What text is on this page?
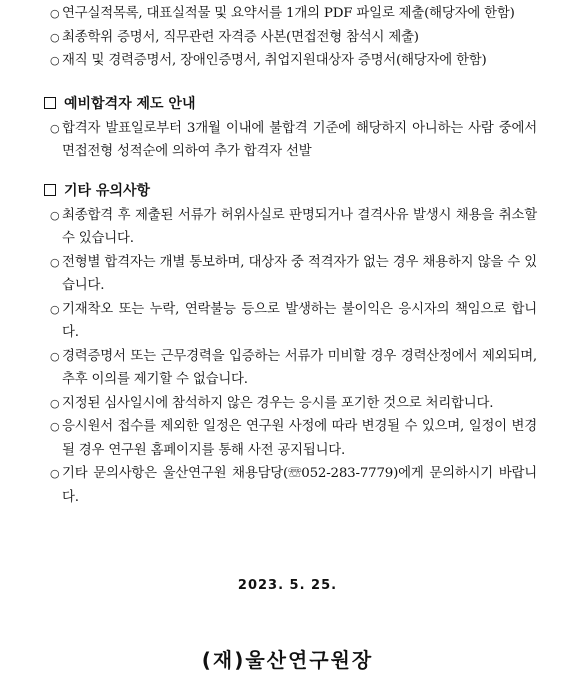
○ 연구실적목록, 대표실적물 및 요약서를 1개의 PDF 파일로 제출(해당자에 한함)
○ 최종학위 증명서, 직무관련 자격증 사본(면접전형 참석시 제출)
○ 재직 및 경력증명서, 장애인증명서, 취업지원대상자 증명서(해당자에 한함)
예비합격자 제도 안내
○ 합격자 발표일로부터 3개월 이내에 불합격 기준에 해당하지 아니하는 사람 중에서 면접전형 성적순에 의하여 추가 합격자 선발
기타 유의사항
○ 최종합격 후 제출된 서류가 허위사실로 판명되거나 결격사유 발생시 채용을 취소할 수 있습니다.
○ 전형별 합격자는 개별 통보하며, 대상자 중 적격자가 없는 경우 채용하지 않을 수 있습니다.
○ 기재착오 또는 누락, 연락불능 등으로 발생하는 불이익은 응시자의 책임으로 합니다.
○ 경력증명서 또는 근무경력을 입증하는 서류가 미비할 경우 경력산정에서 제외되며, 추후 이의를 제기할 수 없습니다.
○ 지정된 심사일시에 참석하지 않은 경우는 응시를 포기한 것으로 처리합니다.
○ 응시원서 접수를 제외한 일정은 연구원 사정에 따라 변경될 수 있으며, 일정이 변경될 경우 연구원 홈페이지를 통해 사전 공지됩니다.
○ 기타 문의사항은 울산연구원 채용담당(☏052-283-7779)에게 문의하시기 바랍니다.
2023. 5. 25.
(재)울산연구원장
